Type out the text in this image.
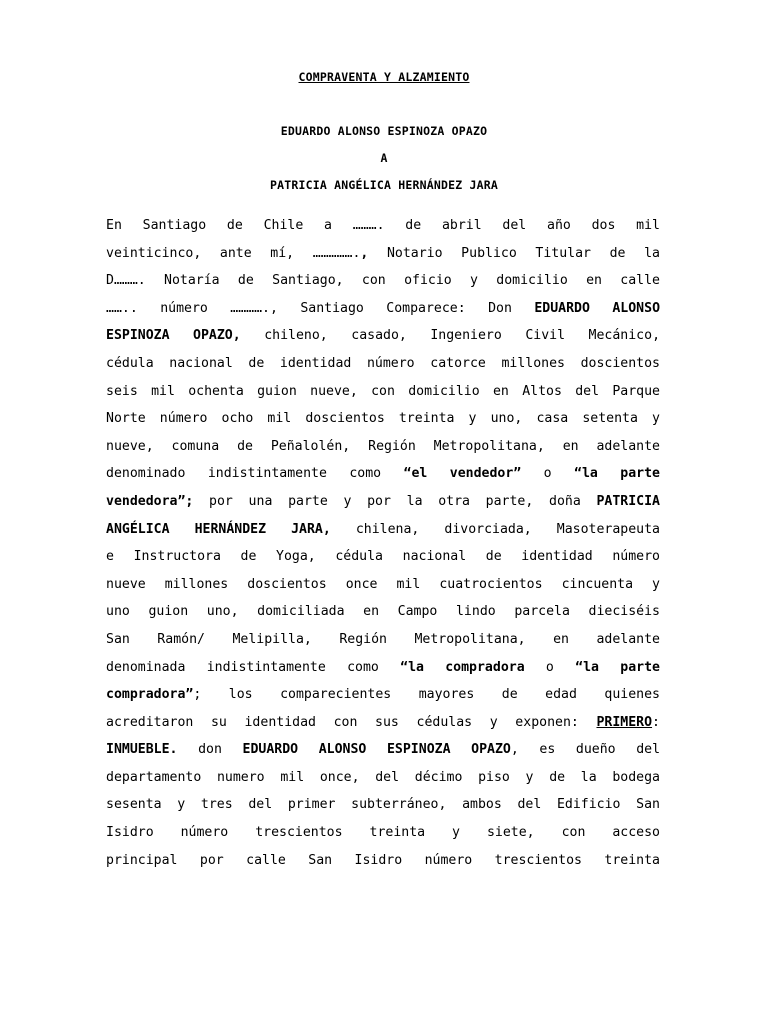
COMPRAVENTA Y ALZAMIENTO
EDUARDO ALONSO ESPINOZA OPAZO
A
PATRICIA ANGÉLICA HERNÁNDEZ JARA
En Santiago de Chile a ………. de abril del año dos mil
veinticinco, ante mí, ……………., Notario Publico Titular de la
D………. Notaría de Santiago, con oficio y domicilio en calle
…….. número …………., Santiago Comparece: Don EDUARDO ALONSO
ESPINOZA OPAZO, chileno, casado, Ingeniero Civil Mecánico,
cédula nacional de identidad número catorce millones doscientos
seis mil ochenta guion nueve, con domicilio en Altos del Parque
Norte número ocho mil doscientos treinta y uno, casa setenta y
nueve, comuna de Peñalolén, Región Metropolitana, en adelante
denominado indistintamente como “el vendedor” o “la parte
vendedora”; por una parte y por la otra parte, doña PATRICIA
ANGÉLICA HERNÁNDEZ JARA, chilena, divorciada, Masoterapeuta
e Instructora de Yoga, cédula nacional de identidad número
nueve millones doscientos once mil cuatrocientos cincuenta y
uno guion uno, domiciliada en Campo lindo parcela dieciséis
San Ramón/ Melipilla, Región Metropolitana, en adelante
denominada indistintamente como “la compradora o “la parte
compradora”; los comparecientes mayores de edad quienes
acreditaron su identidad con sus cédulas y exponen: PRIMERO:
INMUEBLE. don EDUARDO ALONSO ESPINOZA OPAZO, es dueño del
departamento numero mil once, del décimo piso y de la bodega
sesenta y tres del primer subterráneo, ambos del Edificio San
Isidro número trescientos treinta y siete, con acceso
principal por calle San Isidro número trescientos treinta
